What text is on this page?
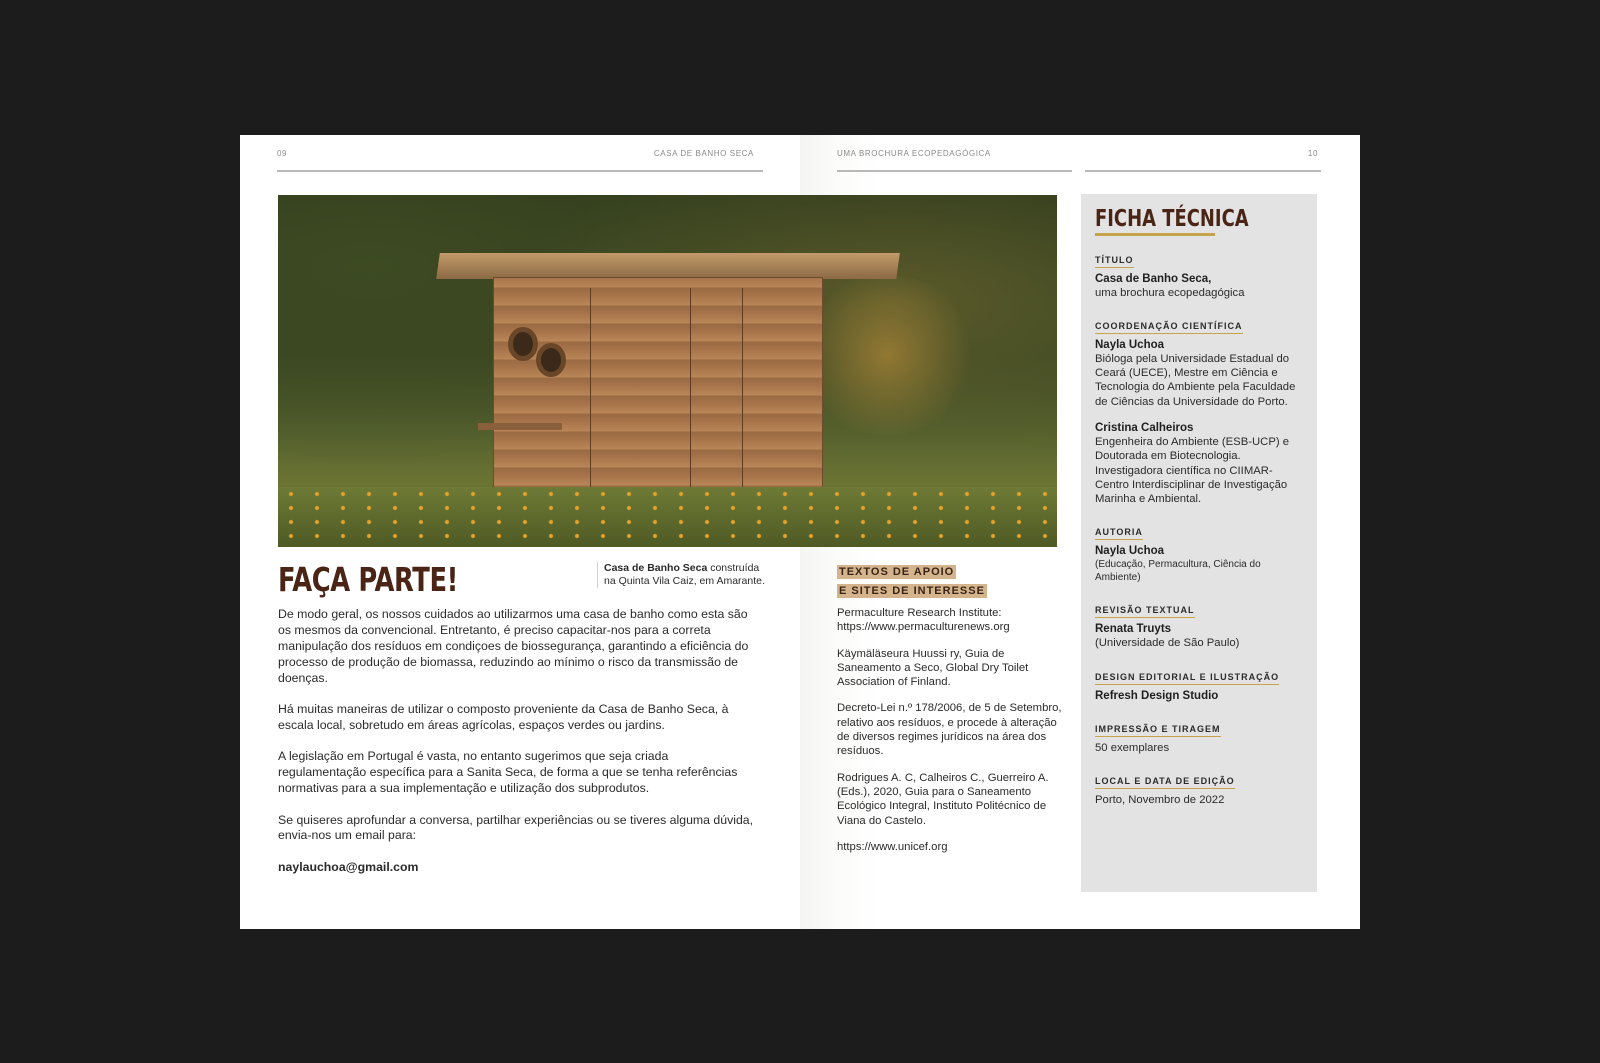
09	CASA DE BANHO SECA
FAÇA PARTE!	Casa de Banho Seca construída
na Quinta Vila Caiz, em Amarante.

De modo geral, os nossos cuidados ao utilizarmos uma casa de banho como esta são os mesmos da convencional. Entretanto, é preciso capacitar-nos para a correta manipulação dos resíduos em condiçoes de biossegurança, garantindo a eficiência do processo de produção de biomassa, reduzindo ao mínimo o risco da transmissão de doenças.

Há muitas maneiras de utilizar o composto proveniente da Casa de Banho Seca, à escala local, sobretudo em áreas agrícolas, espaços verdes ou jardins.

A legislação em Portugal é vasta, no entanto sugerimos que seja criada regulamentação específica para a Sanita Seca, de forma a que se tenha referências normativas para a sua implementação e utilização dos subprodutos.

Se quiseres aprofundar a conversa, partilhar experiências ou se tiveres alguma dúvida, envia-nos um email para:

naylauchoa@gmail.com
UMA BROCHURA ECOPEDAGÓGICA	10
TEXTOS DE APOIO
E SITES DE INTERESSE
Permaculture Research Institute: https://www.permaculturenews.org
Käymäläseura Huussi ry, Guia de Saneamento a Seco, Global Dry Toilet Association of Finland.
Decreto-Lei n.º 178/2006, de 5 de Setembro, relativo aos resíduos, e procede à alteração de diversos regimes jurídicos na área dos resíduos.
Rodrigues A. C, Calheiros C., Guerreiro A. (Eds.), 2020, Guia para o Saneamento Ecológico Integral, Instituto Politécnico de Viana do Castelo.
https://www.unicef.org
FICHA TÉCNICA
TÍTULO
Casa de Banho Seca,
uma brochura ecopedagógica
COORDENAÇÃO CIENTÍFICA
Nayla Uchoa
Bióloga pela Universidade Estadual do Ceará (UECE), Mestre em Ciência e Tecnologia do Ambiente pela Faculdade de Ciências da Universidade do Porto.
Cristina Calheiros
Engenheira do Ambiente (ESB-UCP) e Doutorada em Biotecnologia. Investigadora científica no CIIMAR-Centro Interdisciplinar de Investigação Marinha e Ambiental.
AUTORIA
Nayla Uchoa
(Educação, Permacultura, Ciência do Ambiente)
REVISÃO TEXTUAL
Renata Truyts
(Universidade de São Paulo)
DESIGN EDITORIAL E ILUSTRAÇÃO
Refresh Design Studio
IMPRESSÃO E TIRAGEM
50 exemplares
LOCAL E DATA DE EDIÇÃO
Porto, Novembro de 2022
